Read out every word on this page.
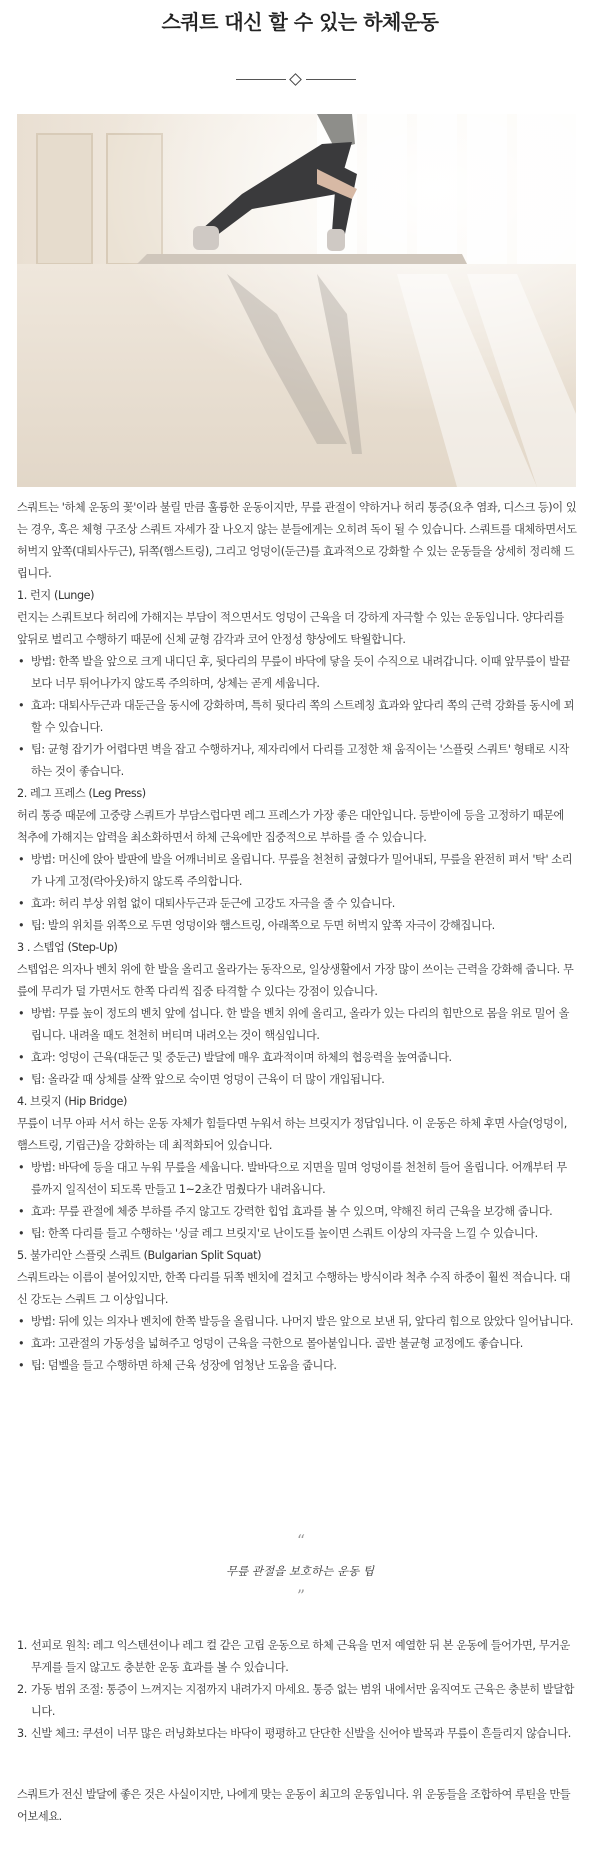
스쿼트 대신 할 수 있는 하체운동

스쿼트는 '하체 운동의 꽃'이라 불릴 만큼 훌륭한 운동이지만, 무릎 관절이 약하거나 허리 통증(요추 염좌, 디스크 등)이 있는 경우, 혹은 체형 구조상 스쿼트 자세가 잘 나오지 않는 분들에게는 오히려 독이 될 수 있습니다. 스쿼트를 대체하면서도 허벅지 앞쪽(대퇴사두근), 뒤쪽(햄스트링), 그리고 엉덩이(둔근)를 효과적으로 강화할 수 있는 운동들을 상세히 정리해 드립니다.

1. 런지 (Lunge)

런지는 스쿼트보다 허리에 가해지는 부담이 적으면서도 엉덩이 근육을 더 강하게 자극할 수 있는 운동입니다. 양다리를 앞뒤로 벌리고 수행하기 때문에 신체 균형 감각과 코어 안정성 향상에도 탁월합니다.

• 방법: 한쪽 발을 앞으로 크게 내디딘 후, 뒷다리의 무릎이 바닥에 닿을 듯이 수직으로 내려갑니다. 이때 앞무릎이 발끝보다 너무 튀어나가지 않도록 주의하며, 상체는 곧게 세웁니다.
• 효과: 대퇴사두근과 대둔근을 동시에 강화하며, 특히 뒷다리 쪽의 스트레칭 효과와 앞다리 쪽의 근력 강화를 동시에 꾀할 수 있습니다.
• 팁: 균형 잡기가 어렵다면 벽을 잡고 수행하거나, 제자리에서 다리를 고정한 채 움직이는 '스플릿 스쿼트' 형태로 시작하는 것이 좋습니다.

2. 레그 프레스 (Leg Press)

허리 통증 때문에 고중량 스쿼트가 부담스럽다면 레그 프레스가 가장 좋은 대안입니다. 등받이에 등을 고정하기 때문에 척추에 가해지는 압력을 최소화하면서 하체 근육에만 집중적으로 부하를 줄 수 있습니다.

• 방법: 머신에 앉아 발판에 발을 어깨너비로 올립니다. 무릎을 천천히 굽혔다가 밀어내되, 무릎을 완전히 펴서 '탁' 소리가 나게 고정(락아웃)하지 않도록 주의합니다.
• 효과: 허리 부상 위험 없이 대퇴사두근과 둔근에 고강도 자극을 줄 수 있습니다.
• 팁: 발의 위치를 위쪽으로 두면 엉덩이와 햄스트링, 아래쪽으로 두면 허벅지 앞쪽 자극이 강해집니다.

3 . 스텝업 (Step-Up)

스텝업은 의자나 벤치 위에 한 발을 올리고 올라가는 동작으로, 일상생활에서 가장 많이 쓰이는 근력을 강화해 줍니다. 무릎에 무리가 덜 가면서도 한쪽 다리씩 집중 타격할 수 있다는 강점이 있습니다.

• 방법: 무릎 높이 정도의 벤치 앞에 섭니다. 한 발을 벤치 위에 올리고, 올라가 있는 다리의 힘만으로 몸을 위로 밀어 올립니다. 내려올 때도 천천히 버티며 내려오는 것이 핵심입니다.
• 효과: 엉덩이 근육(대둔근 및 중둔근) 발달에 매우 효과적이며 하체의 협응력을 높여줍니다.
• 팁: 올라갈 때 상체를 살짝 앞으로 숙이면 엉덩이 근육이 더 많이 개입됩니다.

4. 브릿지 (Hip Bridge)

무릎이 너무 아파 서서 하는 운동 자체가 힘들다면 누워서 하는 브릿지가 정답입니다. 이 운동은 하체 후면 사슬(엉덩이, 햄스트링, 기립근)을 강화하는 데 최적화되어 있습니다.

• 방법: 바닥에 등을 대고 누워 무릎을 세웁니다. 발바닥으로 지면을 밀며 엉덩이를 천천히 들어 올립니다. 어깨부터 무릎까지 일직선이 되도록 만들고 1~2초간 멈췄다가 내려옵니다.
• 효과: 무릎 관절에 체중 부하를 주지 않고도 강력한 힙업 효과를 볼 수 있으며, 약해진 허리 근육을 보강해 줍니다.
• 팁: 한쪽 다리를 들고 수행하는 '싱글 레그 브릿지'로 난이도를 높이면 스쿼트 이상의 자극을 느낄 수 있습니다.

5. 불가리안 스플릿 스쿼트 (Bulgarian Split Squat)

스쿼트라는 이름이 붙어있지만, 한쪽 다리를 뒤쪽 벤치에 걸치고 수행하는 방식이라 척추 수직 하중이 훨씬 적습니다. 대신 강도는 스쿼트 그 이상입니다.

• 방법: 뒤에 있는 의자나 벤치에 한쪽 발등을 올립니다. 나머지 발은 앞으로 보낸 뒤, 앞다리 힘으로 앉았다 일어납니다.
• 효과: 고관절의 가동성을 넓혀주고 엉덩이 근육을 극한으로 몰아붙입니다. 골반 불균형 교정에도 좋습니다.
• 팁: 덤벨을 들고 수행하면 하체 근육 성장에 엄청난 도움을 줍니다.
“
무릎 관절을 보호하는 운동 팁
”
1. 선피로 원칙: 레그 익스텐션이나 레그 컬 같은 고립 운동으로 하체 근육을 먼저 예열한 뒤 본 운동에 들어가면, 무거운 무게를 들지 않고도 충분한 운동 효과를 볼 수 있습니다.
2. 가동 범위 조절: 통증이 느껴지는 지점까지 내려가지 마세요. 통증 없는 범위 내에서만 움직여도 근육은 충분히 발달합니다.
3. 신발 체크: 쿠션이 너무 많은 러닝화보다는 바닥이 평평하고 단단한 신발을 신어야 발목과 무릎이 흔들리지 않습니다.

스쿼트가 전신 발달에 좋은 것은 사실이지만, 나에게 맞는 운동이 최고의 운동입니다. 위 운동들을 조합하여 루틴을 만들어보세요.
